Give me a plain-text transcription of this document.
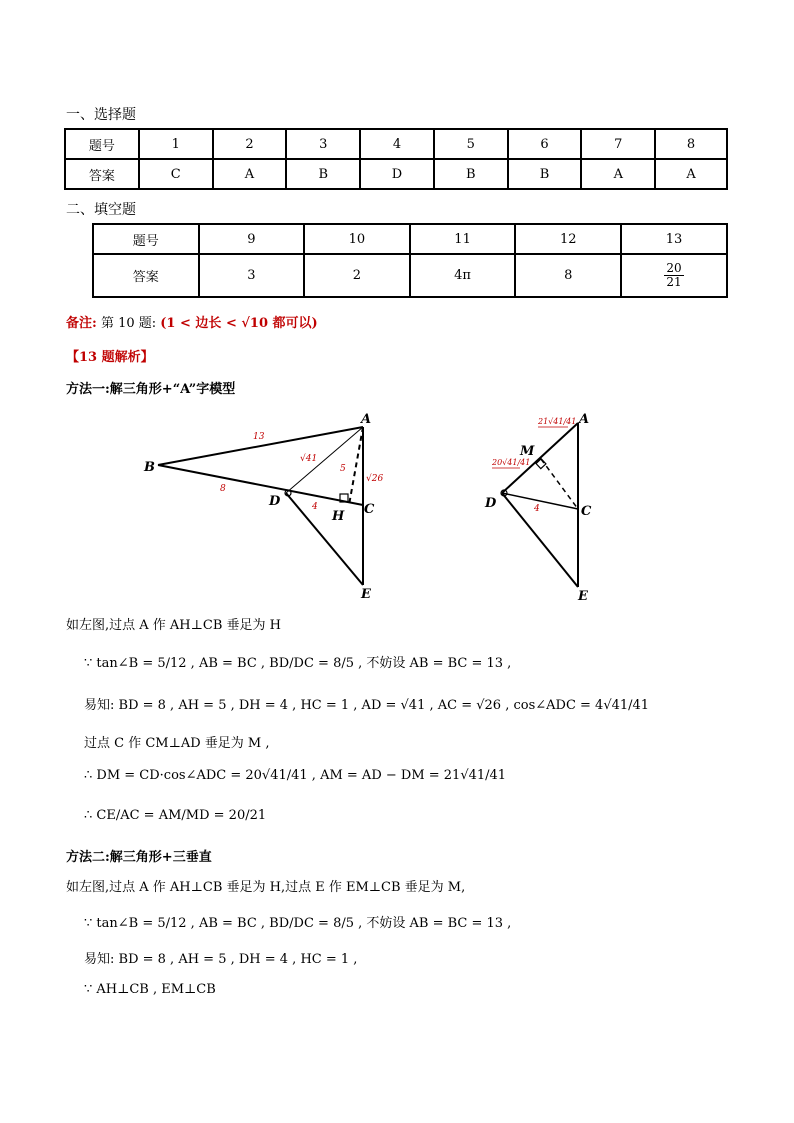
一、选择题
题号	1	2	3	4	5	6	7	8
答案	C	A	B	D	B	B	A	A
二、填空题
题号	9	10	11	12	13
答案	3	2	4π	8	$\frac{20}{21}$
备注: 第 10 题: (1 < 边长 < √10 都可以)
【13 题解析】
方法一:解三角形+“A”字模型
B
A
D
C
H
E
13
8
4
5
√41
√26
A
M
D
C
E
21√41/41
20√41/41
4
如左图,过点 A 作 AH⊥CB 垂足为 H
∵ tan∠B = 5/12 , AB = BC , BD/DC = 8/5 , 不妨设 AB = BC = 13 ,
易知: BD = 8 , AH = 5 , DH = 4 , HC = 1 , AD = √41 , AC = √26 , cos∠ADC = 4√41/41
过点 C 作 CM⊥AD 垂足为 M ,
∴ DM = CD·cos∠ADC = 20√41/41 , AM = AD − DM = 21√41/41
∴ CE/AC = AM/MD = 20/21
方法二:解三角形+三垂直
如左图,过点 A 作 AH⊥CB 垂足为 H,过点 E 作 EM⊥CB 垂足为 M,
∵ tan∠B = 5/12 , AB = BC , BD/DC = 8/5 , 不妨设 AB = BC = 13 ,
易知: BD = 8 , AH = 5 , DH = 4 , HC = 1 ,
∵ AH⊥CB , EM⊥CB
